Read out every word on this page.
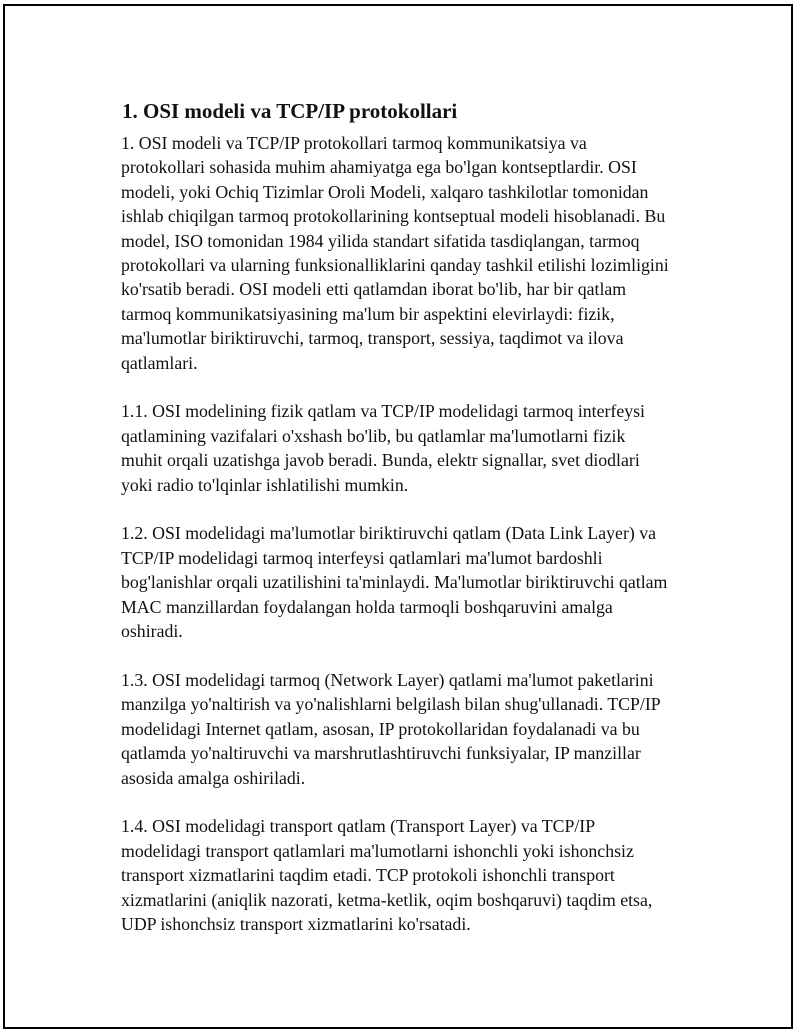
1. OSI modeli va TCP/IP protokollari
1. OSI modeli va TCP/IP protokollari tarmoq kommunikatsiya va
protokollari sohasida muhim ahamiyatga ega bo'lgan kontseptlardir. OSI
modeli, yoki Ochiq Tizimlar Oroli Modeli, xalqaro tashkilotlar tomonidan
ishlab chiqilgan tarmoq protokollarining kontseptual modeli hisoblanadi. Bu
model, ISO tomonidan 1984 yilida standart sifatida tasdiqlangan, tarmoq
protokollari va ularning funksionalliklarini qanday tashkil etilishi lozimligini
ko'rsatib beradi. OSI modeli etti qatlamdan iborat bo'lib, har bir qatlam
tarmoq kommunikatsiyasining ma'lum bir aspektini elevirlaydi: fizik,
ma'lumotlar biriktiruvchi, tarmoq, transport, sessiya, taqdimot va ilova
qatlamlari.
1.1. OSI modelining fizik qatlam va TCP/IP modelidagi tarmoq interfeysi
qatlamining vazifalari o'xshash bo'lib, bu qatlamlar ma'lumotlarni fizik
muhit orqali uzatishga javob beradi. Bunda, elektr signallar, svet diodlari
yoki radio to'lqinlar ishlatilishi mumkin.
1.2. OSI modelidagi ma'lumotlar biriktiruvchi qatlam (Data Link Layer) va
TCP/IP modelidagi tarmoq interfeysi qatlamlari ma'lumot bardoshli
bog'lanishlar orqali uzatilishini ta'minlaydi. Ma'lumotlar biriktiruvchi qatlam
MAC manzillardan foydalangan holda tarmoqli boshqaruvini amalga
oshiradi.
1.3. OSI modelidagi tarmoq (Network Layer) qatlami ma'lumot paketlarini
manzilga yo'naltirish va yo'nalishlarni belgilash bilan shug'ullanadi. TCP/IP
modelidagi Internet qatlam, asosan, IP protokollaridan foydalanadi va bu
qatlamda yo'naltiruvchi va marshrutlashtiruvchi funksiyalar, IP manzillar
asosida amalga oshiriladi.
1.4. OSI modelidagi transport qatlam (Transport Layer) va TCP/IP
modelidagi transport qatlamlari ma'lumotlarni ishonchli yoki ishonchsiz
transport xizmatlarini taqdim etadi. TCP protokoli ishonchli transport
xizmatlarini (aniqlik nazorati, ketma-ketlik, oqim boshqaruvi) taqdim etsa,
UDP ishonchsiz transport xizmatlarini ko'rsatadi.
